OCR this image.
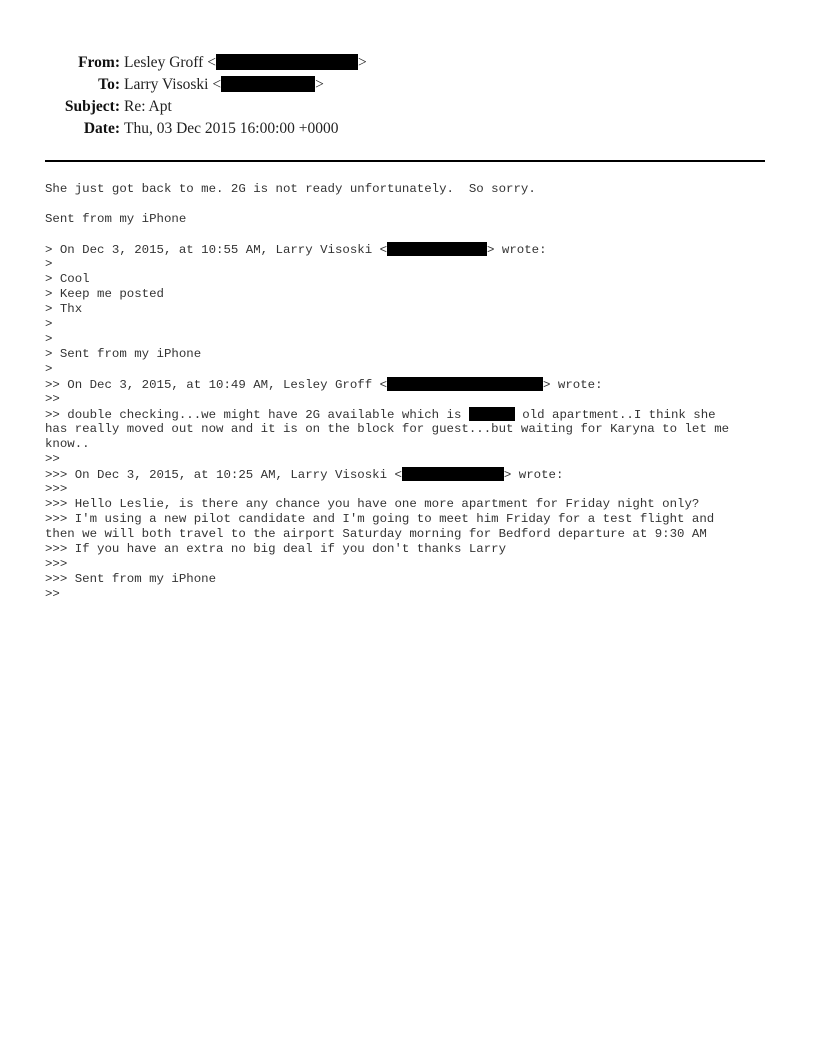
From: Lesley Groff <	>
To: Larry Visoski <	>
Subject: Re: Apt
Date: Thu, 03 Dec 2015 16:00:00 +0000
She just got back to me. 2G is not ready unfortunately.  So sorry.
Sent from my iPhone
> On Dec 3, 2015, at 10:55 AM, Larry Visoski <	> wrote:
>
> Cool
> Keep me posted
> Thx
>
>
> Sent from my iPhone
>
>> On Dec 3, 2015, at 10:49 AM, Lesley Groff <	> wrote:
>>
>> double checking...we might have 2G available which is	old apartment..I think she
has really moved out now and it is on the block for guest...but waiting for Karyna to let me
know..
>>
>>> On Dec 3, 2015, at 10:25 AM, Larry Visoski <	> wrote:
>>>
>>> Hello Leslie, is there any chance you have one more apartment for Friday night only?
>>> I'm using a new pilot candidate and I'm going to meet him Friday for a test flight and
then we will both travel to the airport Saturday morning for Bedford departure at 9:30 AM
>>> If you have an extra no big deal if you don't thanks Larry
>>>
>>> Sent from my iPhone
>>
